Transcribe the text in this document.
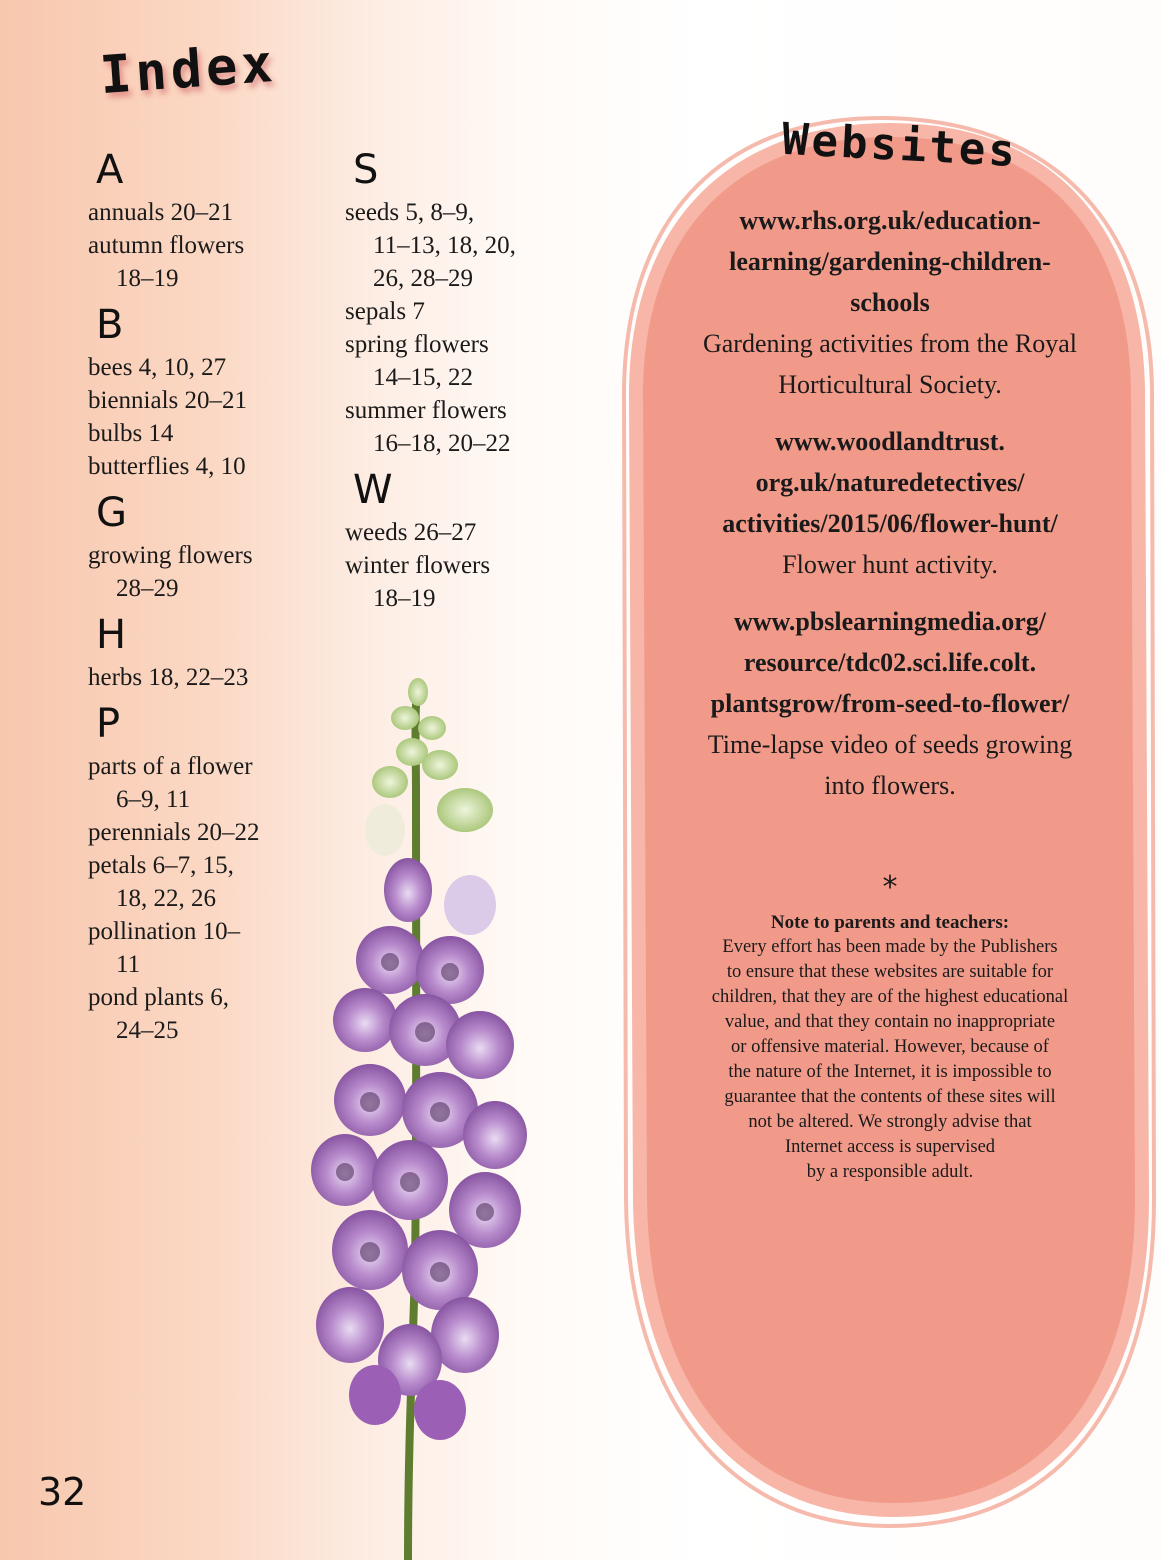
Index
A
annuals 20–21
autumn flowers
18–19
B
bees 4, 10, 27
biennials 20–21
bulbs 14
butterflies 4, 10
G
growing flowers
28–29
H
herbs 18, 22–23
P
parts of a flower
6–9, 11
perennials 20–22
petals 6–7, 15,
18, 22, 26
pollination 10–
11
pond plants 6,
24–25
S
seeds 5, 8–9,
11–13, 18, 20,
26, 28–29
sepals 7
spring flowers
14–15, 22
summer flowers
16–18, 20–22
W
weeds 26–27
winter flowers
18–19
Websites
www.rhs.org.uk/education-
learning/gardening-children-
schools
Gardening activities from the Royal
Horticultural Society.
www.woodlandtrust.
org.uk/naturedetectives/
activities/2015/06/flower-hunt/
Flower hunt activity.
www.pbslearningmedia.org/
resource/tdc02.sci.life.colt.
plantsgrow/from-seed-to-flower/
Time-lapse video of seeds growing
into flowers.
*
Note to parents and teachers:
Every effort has been made by the Publishers
to ensure that these websites are suitable for
children, that they are of the highest educational
value, and that they contain no inappropriate
or offensive material. However, because of
the nature of the Internet, it is impossible to
guarantee that the contents of these sites will
not be altered. We strongly advise that
Internet access is supervised
by a responsible adult.
32
